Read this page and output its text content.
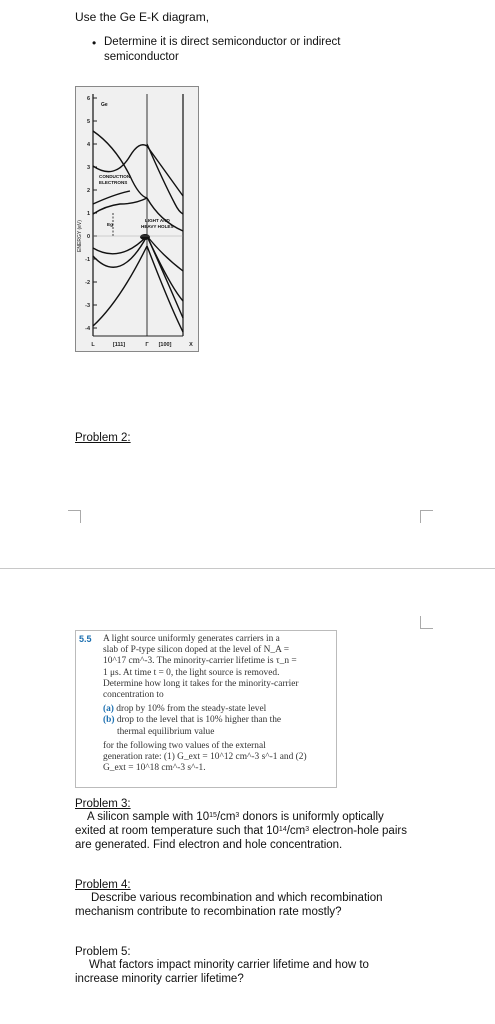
Use the Ge E-K diagram,
• Determine it is direct semiconductor or indirect semiconductor
6
5
4
3
2
1
0
-1
-2
-3
-4
ENERGY (eV)
L	[111]	Γ [100]	X
Ge
CONDUCTION
ELECTRONS
Eg
LIGHT AND
HEAVY HOLES
Problem 2:
5.5 A light source uniformly generates carriers in a
slab of P-type silicon doped at the level of N_A =
10^17 cm^-3. The minority-carrier lifetime is τ_n =
1 μs. At time t = 0, the light source is removed.
Determine how long it takes for the minority-carrier
concentration to
(a) drop by 10% from the steady-state level
(b) drop to the level that is 10% higher than the
thermal equilibrium value
for the following two values of the external
generation rate: (1) G_ext = 10^12 cm^-3 s^-1 and (2)
G_ext = 10^18 cm^-3 s^-1.
Problem 3:
A silicon sample with $10^{15}/cm^3$ donors is uniformly optically
exited at room temperature such that $10^{14}/cm^3$ electron-hole pairs
are generated. Find electron and hole concentration.
Problem 4:
Describe various recombination and which recombination
mechanism contribute to recombination rate mostly?
Problem 5:
What factors impact minority carrier lifetime and how to
increase minority carrier lifetime?
